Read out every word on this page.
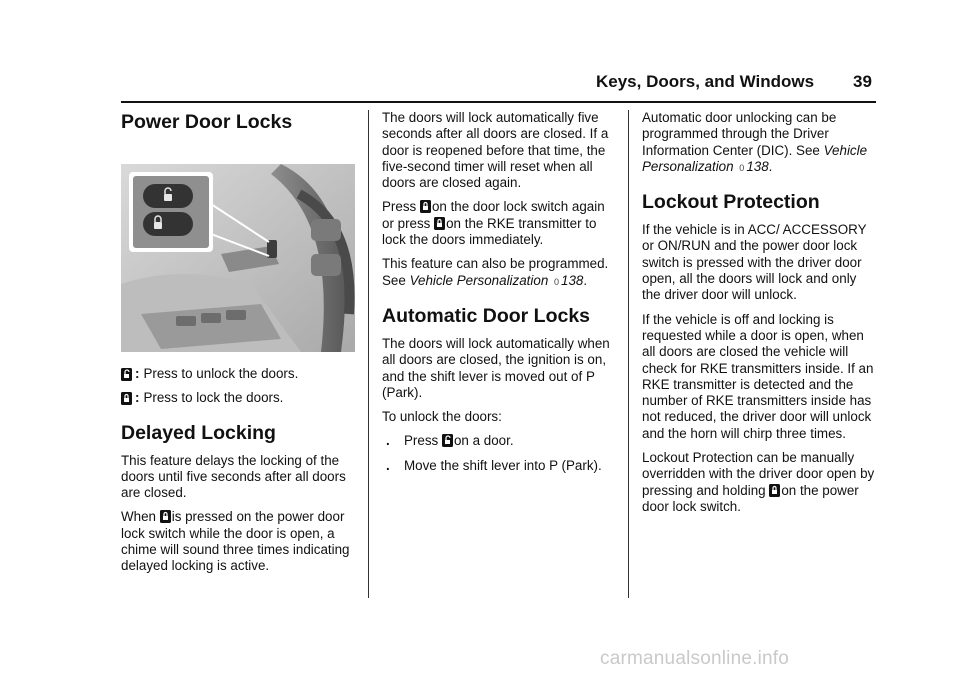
Keys, Doors, and Windows 39
Power Door Locks
: Press to unlock the doors.
: Press to lock the doors.
Delayed Locking

This feature delays the locking of the doors until five seconds after all doors are closed.

When is pressed on the power door lock switch while the door is open, a chime will sound three times indicating delayed locking is active.

The doors will lock automatically five seconds after all doors are closed. If a door is reopened before that time, the five-second timer will reset when all doors are closed again.

Press on the door lock switch again or press on the RKE transmitter to lock the doors immediately.

This feature can also be programmed. See Vehicle Personalization 0 138.

Automatic Door Locks

The doors will lock automatically when all doors are closed, the ignition is on, and the shift lever is moved out of P (Park).

To unlock the doors:

. Press on a door.
. Move the shift lever into P (Park).

Automatic door unlocking can be programmed through the Driver Information Center (DIC). See Vehicle Personalization 0 138.

Lockout Protection

If the vehicle is in ACC/ ACCESSORY or ON/RUN and the power door lock switch is pressed with the driver door open, all the doors will lock and only the driver door will unlock.

If the vehicle is off and locking is requested while a door is open, when all doors are closed the vehicle will check for RKE transmitters inside. If an RKE transmitter is detected and the number of RKE transmitters inside has not reduced, the driver door will unlock and the horn will chirp three times.

Lockout Protection can be manually overridden with the driver door open by pressing and holding on the power door lock switch.

carmanualsonline.info
